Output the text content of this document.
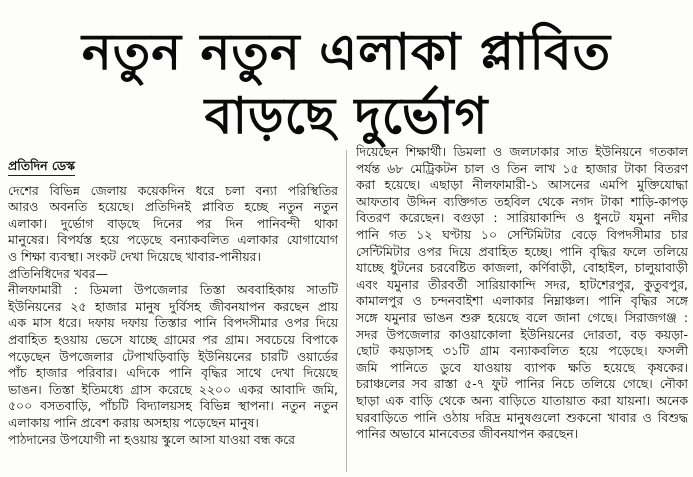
নতুন নতুন এলাকা প্লাবিত
বাড়ছে দুর্ভোগ
প্রতিদিন ডেস্ক
দেশের বিভিন্ন জেলায় কয়েকদিন ধরে চলা বন্যা পরিস্থিতির
আরও অবনতি হয়েছে। প্রতিদিনই প্লাবিত হচ্ছে নতুন নতুন
এলাকা। দুর্ভোগ বাড়ছে দিনের পর দিন পানিবন্দী থাকা
মানুষের। বিপর্যস্ত হয়ে পড়েছে বন্যাকবলিত এলাকার যোগাযোগ
ও শিক্ষা ব্যবস্থা। সংকট দেখা দিয়েছে খাবার-পানীয়র।
প্রতিনিধিদের খবর—
নীলফামারী : ডিমলা উপজেলার তিস্তা অববাহিকায় সাতটি
ইউনিয়নের ২৫ হাজার মানুষ দুর্বিসহ জীবনযাপন করছেন প্রায়
এক মাস ধরে। দফায় দফায় তিস্তার পানি বিপদসীমার ওপর দিয়ে
প্রবাহিত হওয়ায় ভেসে যাচ্ছে গ্রামের পর গ্রাম। সবচেয়ে বিপাকে
পড়েছেন উপজেলার টেপাখড়িবাড়ি ইউনিয়নের চারটি ওয়ার্ডের
পাঁচ হাজার পরিবার। এদিকে পানি বৃদ্ধির সাথে দেখা দিয়েছে
ভাঙন। তিস্তা ইতিমধ্যে গ্রাস করেছে ২২০০ একর আবাদি জমি,
৫০০ বসতবাড়ি, পাঁচটি বিদ্যালয়সহ বিভিন্ন স্থাপনা। নতুন নতুন
এলাকায় পানি প্রবেশ করায় অসহায় পড়েছেন মানুষ।
পাঠদানের উপযোগী না হওয়ায় স্কুলে আসা যাওয়া বন্ধ করে
দিয়েছেন শিক্ষার্থী। ডিমলা ও জলঢাকার সাত ইউনিয়নে গতকাল
পর্যন্ত ৬৮ মেট্রিকটন চাল ও তিন লাখ ১৫ হাজার টাকা বিতরণ
করা হয়েছে। এছাড়া নীলফামারী-১ আসনের এমপি মুক্তিযোদ্ধা
আফতাব উদ্দিন ব্যক্তিগত তহবিল থেকে নগদ টাকা শাড়ি-কাপড়
বিতরণ করেছেন। বগুড়া : সারিয়াকান্দি ও ধুনটে যমুনা নদীর
পানি গত ১২ ঘণ্টায় ১০ সেন্টিমিটার বেড়ে বিপদসীমার চার
সেন্টিমিটার ওপর দিয়ে প্রবাহিত হচ্ছে। পানি বৃদ্ধির ফলে তলিয়ে
যাচ্ছে ধুটনের চরবেষ্টিত কাজলা, কর্ণিবাড়ী, বোহাইল, চালুয়াবাড়ী
এবং যমুনার তীরবর্তী সারিয়াকান্দি সদর, হাটশেরপুর, কুতুবপুর,
কামালপুর ও চন্দনবাইশা এলাকার নিম্নাঞ্চল। পানি বৃদ্ধির সঙ্গে
সঙ্গে যমুনার ভাঙন শুরু হয়েছে বলে জানা গেছে। সিরাজগঞ্জ :
সদর উপজেলার কাওয়াকোলা ইউনিয়নের দোরতা, বড় কয়ড়া-
ছোট কয়ড়াসহ ৩১টি গ্রাম বন্যাকবলিত হয়ে পড়েছে। ফসলী
জমি পানিতে ডুবে যাওয়ায় ব্যাপক ক্ষতি হয়েছে কৃষকের।
চরাঞ্চলের সব রাস্তা ৫-৭ ফুট পানির নিচে তলিয়ে গেছে। নৌকা
ছাড়া এক বাড়ি থেকে অন্য বাড়িতে যাতায়াত করা যায়না। অনেক
ঘরবাড়িতে পানি ওঠায় দরিদ্র মানুষগুলো শুকনো খাবার ও বিশুদ্ধ
পানির অভাবে মানবেতর জীবনযাপন করছেন।
